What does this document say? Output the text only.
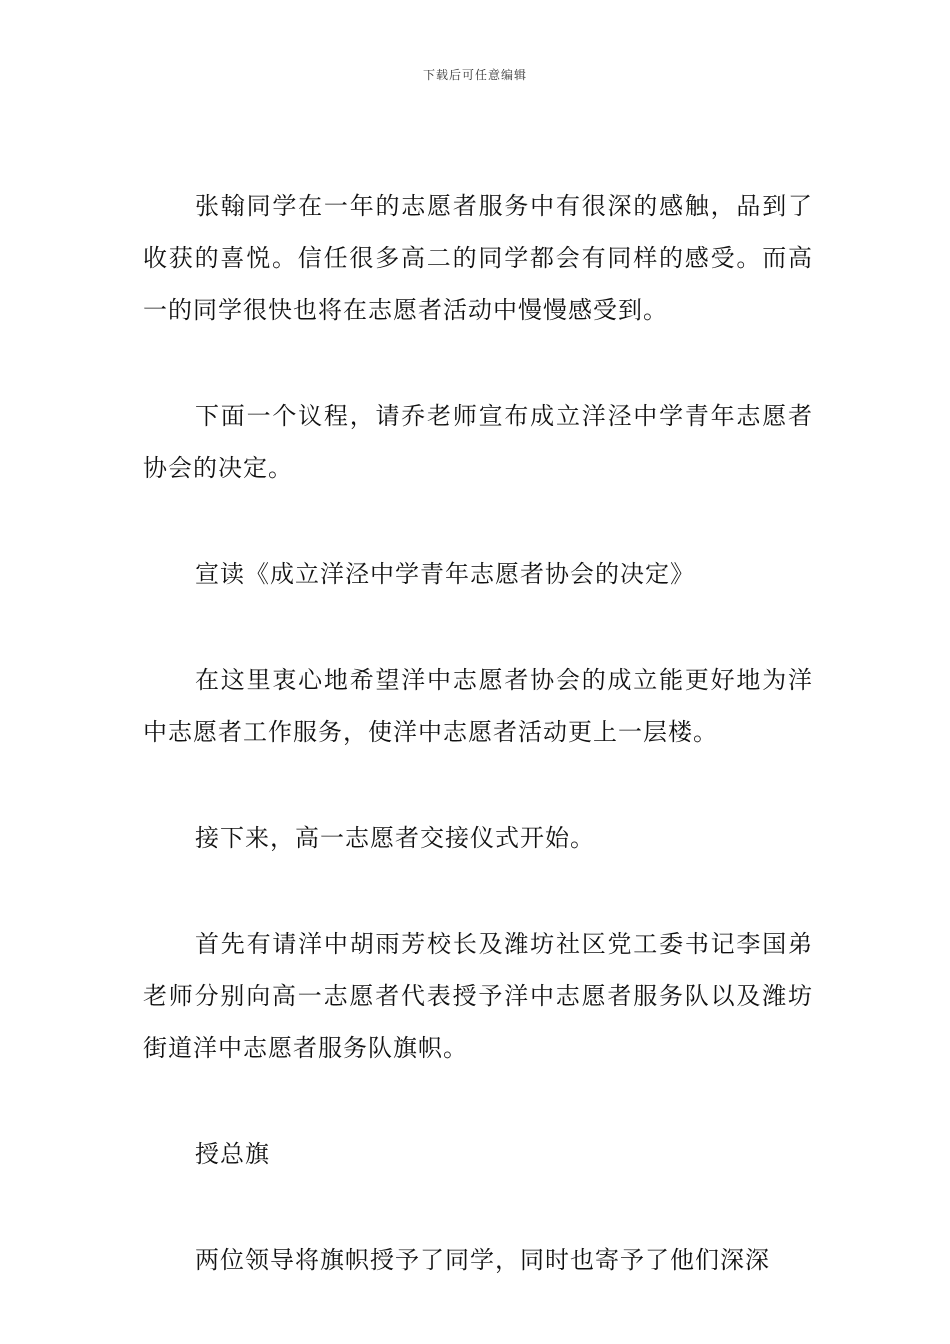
下载后可任意编辑

张翰同学在一年的志愿者服务中有很深的感触，品到了收获的喜悦。信任很多高二的同学都会有同样的感受。而高一的同学很快也将在志愿者活动中慢慢感受到。

下面一个议程，请乔老师宣布成立洋泾中学青年志愿者协会的决定。

宣读《成立洋泾中学青年志愿者协会的决定》

在这里衷心地希望洋中志愿者协会的成立能更好地为洋中志愿者工作服务，使洋中志愿者活动更上一层楼。

接下来，高一志愿者交接仪式开始。

首先有请洋中胡雨芳校长及潍坊社区党工委书记李国弟老师分别向高一志愿者代表授予洋中志愿者服务队以及潍坊街道洋中志愿者服务队旗帜。

授总旗

两位领导将旗帜授予了同学，同时也寄予了他们深深
